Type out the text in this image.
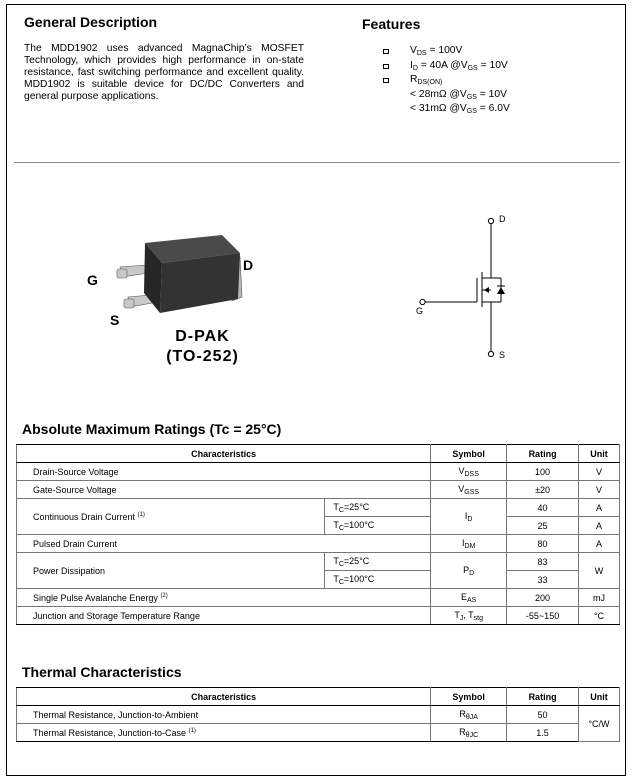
General Description
The MDD1902 uses advanced MagnaChip’s MOSFET Technology, which provides high performance in on-state resistance, fast switching performance and excellent quality. MDD1902 is suitable device for DC/DC Converters and general purpose applications.
Features
$V_{DS} = 100V$
$I_D = 40A$ $@V_{GS} = 10V$
$R_{DS(ON)}$
< 28mΩ $@V_{GS} = 10V$
< 31mΩ $@V_{GS} = 6.0V$
G
S
D
D-PAK
(TO-252)
D
G
S
Absolute Maximum Ratings (Tc = 25°C)
Characteristics		Symbol	Rating	Unit
Drain-Source Voltage		$V_{DSS}$	100	V
Gate-Source Voltage		$V_{GSS}$	±20	V
Continuous Drain Current $^{(1)}$	$T_C=25^\circ C$	$I_D$	40	A
	$T_C=100^\circ C$		25	A
Pulsed Drain Current		$I_{DM}$	80	A
Power Dissipation	$T_C=25^\circ C$	$P_D$	83	W
	$T_C=100^\circ C$		33	
Single Pulse Avalanche Energy $^{(2)}$		$E_{AS}$	200	mJ
Junction and Storage Temperature Range		$T_J$, $T_{stg}$	-55~150	°C
Thermal Characteristics
Characteristics	Symbol	Rating	Unit
Thermal Resistance, Junction-to-Ambient	$R_{\theta JA}$	50	°C/W
Thermal Resistance, Junction-to-Case $^{(1)}$	$R_{\theta JC}$	1.5	
